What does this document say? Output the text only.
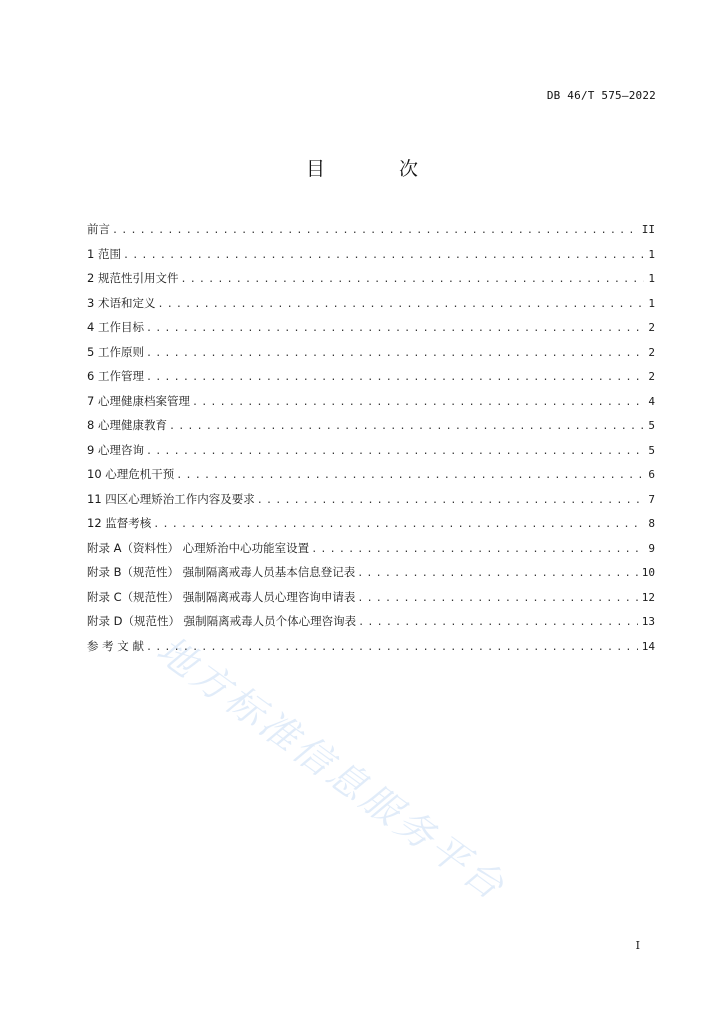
DB 46/T 575—2022
目 次
前言 .....	II
1 范围 .....	1
2 规范性引用文件 .....	1
3 术语和定义 .....	1
4 工作目标 .....	2
5 工作原则 .....	2
6 工作管理 .....	2
7 心理健康档案管理 .....	4
8 心理健康教育 .....	5
9 心理咨询 .....	5
10 心理危机干预 .....	6
11 四区心理矫治工作内容及要求 .....	7
12 监督考核 .....	8
附录 A（资料性） 心理矫治中心功能室设置 .....	9
附录 B（规范性） 强制隔离戒毒人员基本信息登记表 .....	10
附录 C（规范性） 强制隔离戒毒人员心理咨询申请表 .....	12
附录 D（规范性） 强制隔离戒毒人员个体心理咨询表 .....	13
参 考 文 献 .....	14
地方标准信息服务平台
I
